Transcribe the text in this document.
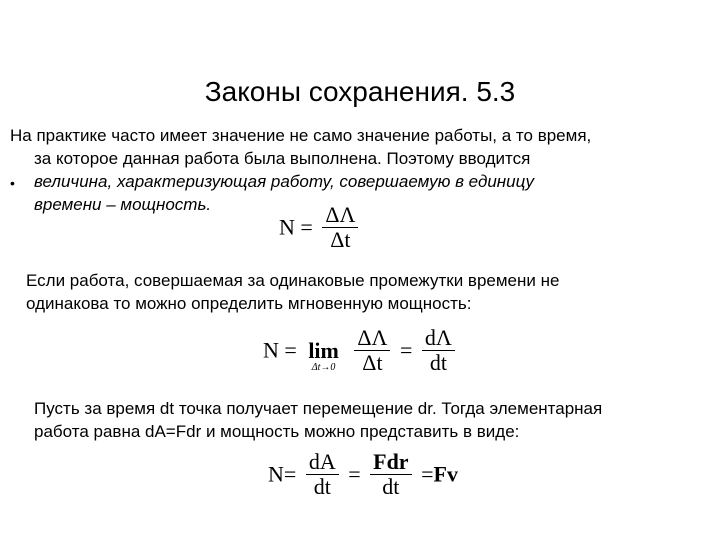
Законы сохранения. 5.3
На практике часто имеет значение не само значение работы, а то время,
за которое данная работа была выполнена. Поэтому вводится
• величина, характеризующая работу, совершаемую в единицу
времени – мощность.
$N = \frac{\Delta\Lambda}{\Delta t}$
Если работа, совершаемая за одинаковые промежутки времени не
одинакова то можно определить мгновенную мощность:
N = lim
Δt→0
$\frac{\Delta\Lambda}{\Delta t} = \frac{d\Lambda}{dt}$
Пусть за время dt точка получает перемещение dr. Тогда элементарная
работа равна dA=Fdr и мощность можно представить в виде:
$N= \frac{dA}{dt} = \frac{\text{Fdr}}{dt} =Fv$
